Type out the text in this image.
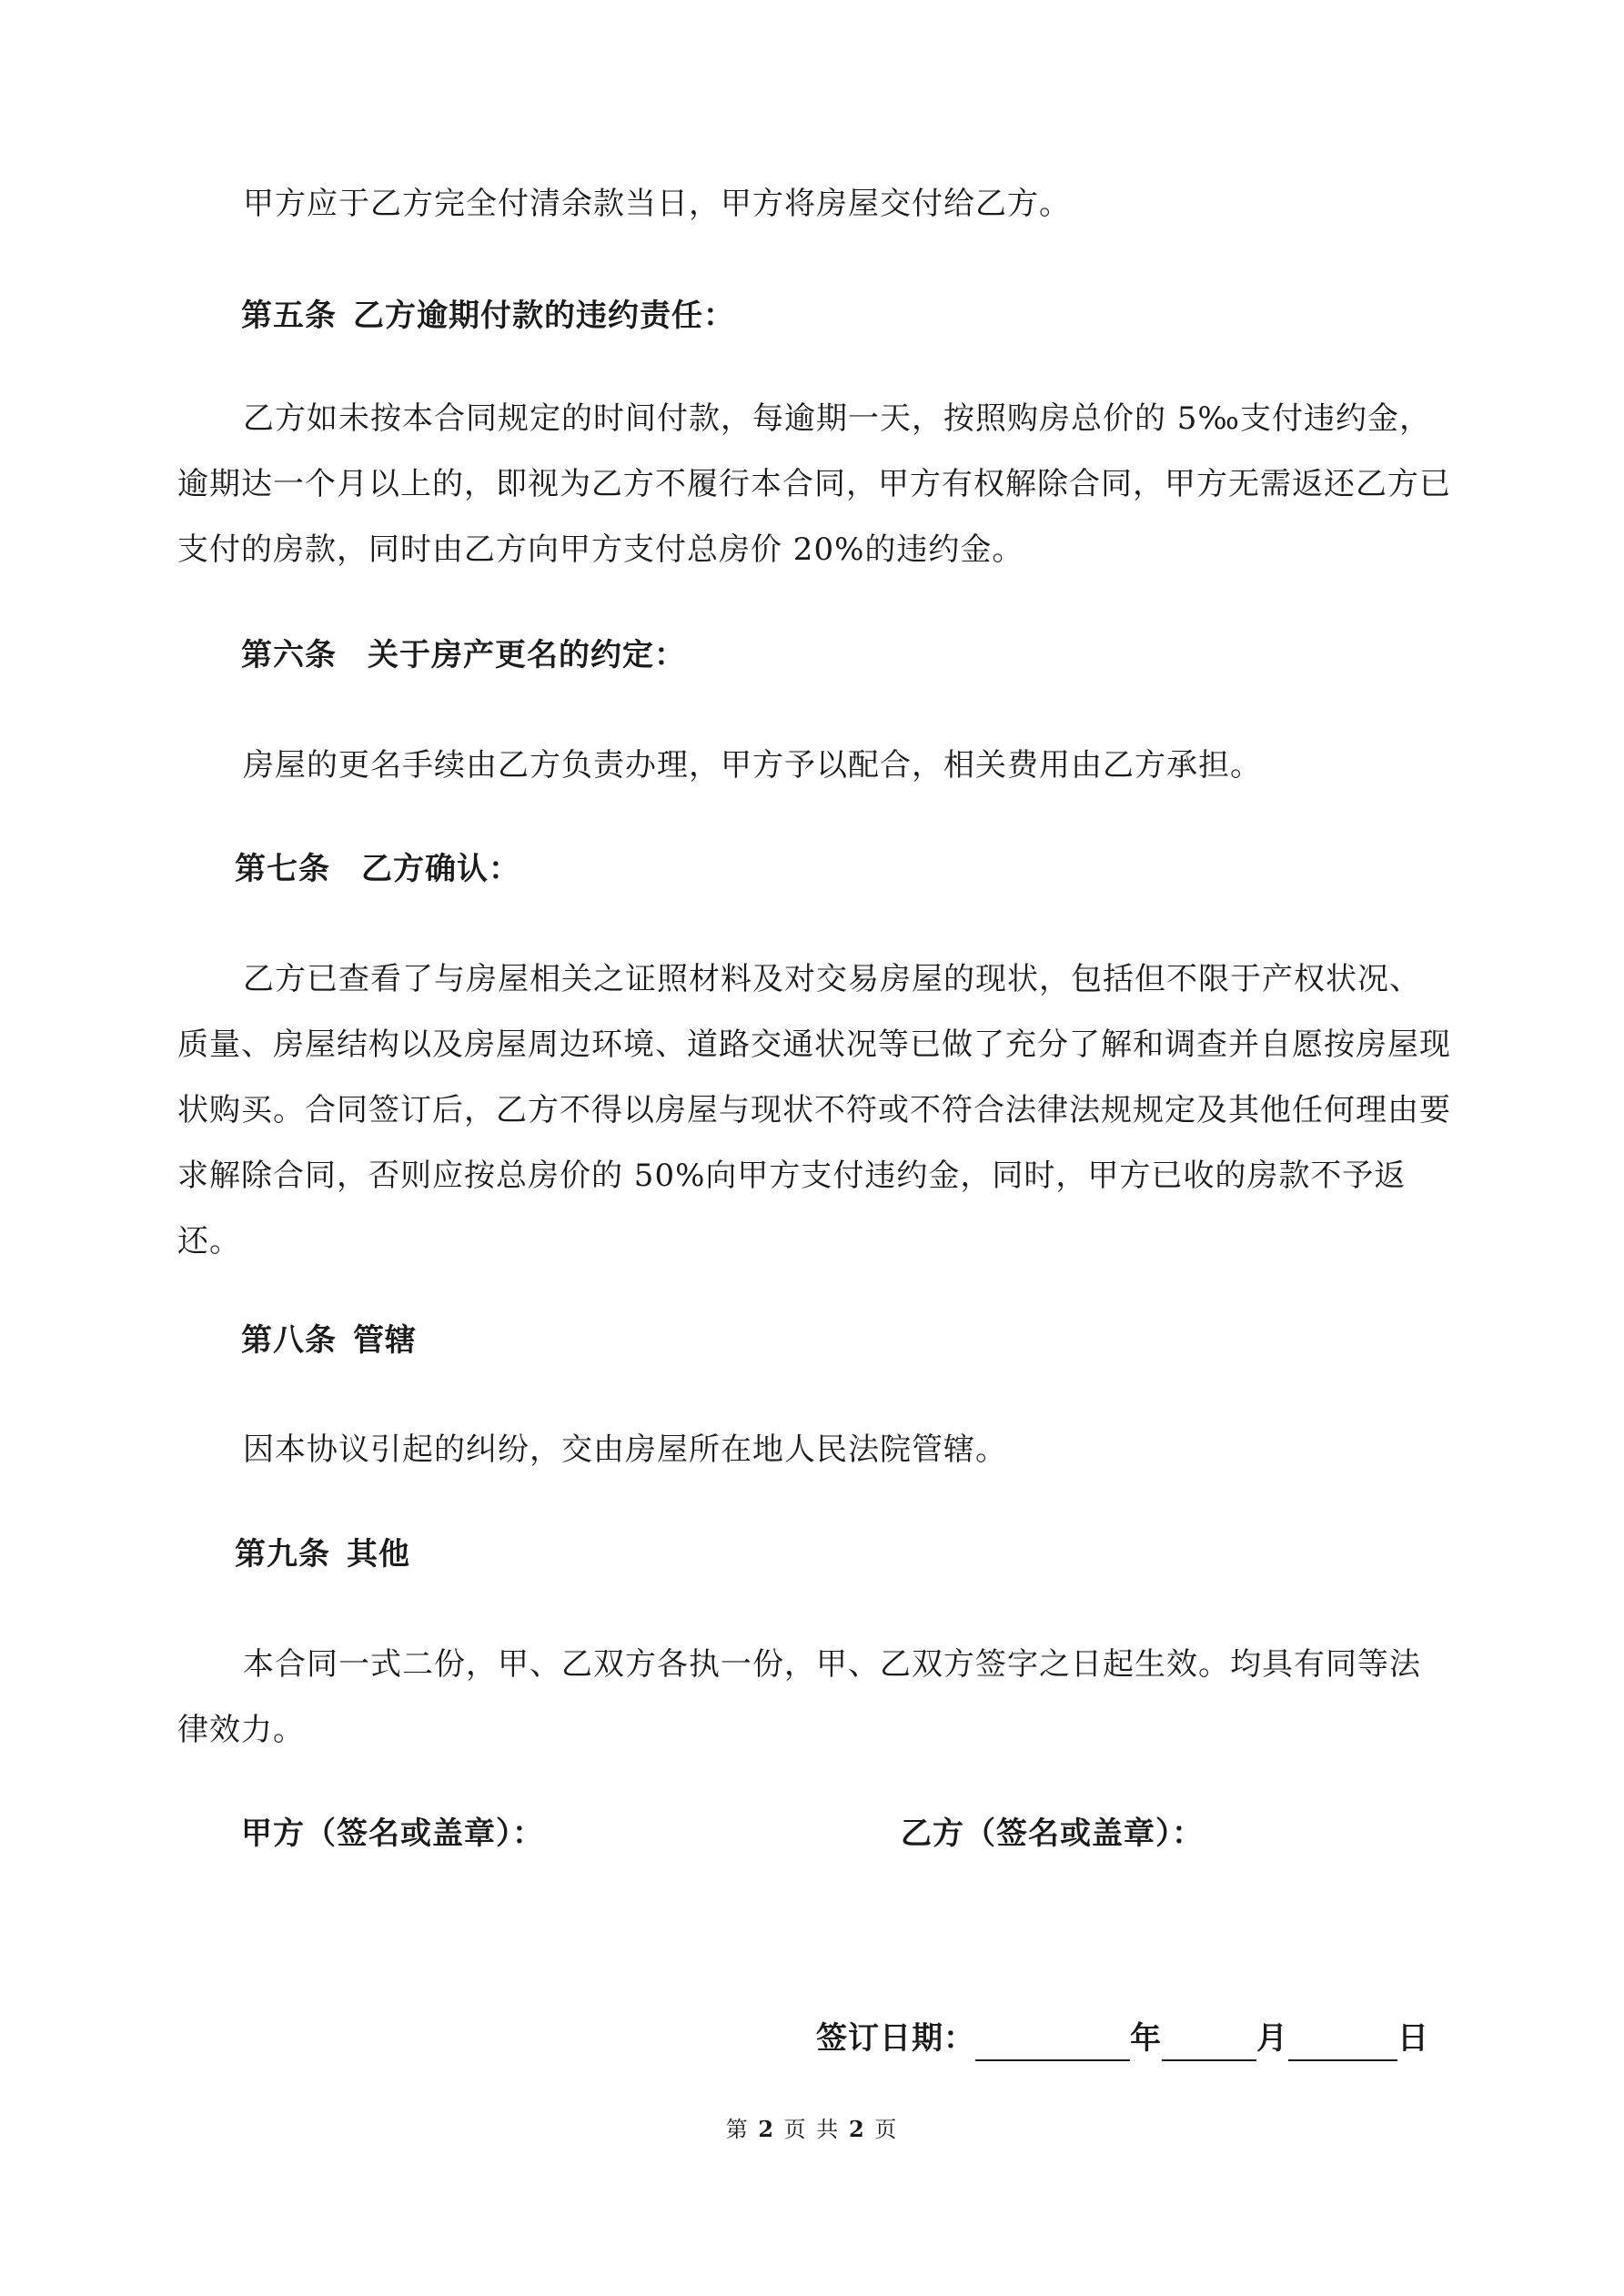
甲方应于乙方完全付清余款当日，甲方将房屋交付给乙方。

第五条 乙方逾期付款的违约责任：

乙方如未按本合同规定的时间付款，每逾期一天，按照购房总价的 5‰支付违约金，逾期达一个月以上的，即视为乙方不履行本合同，甲方有权解除合同，甲方无需返还乙方已支付的房款，同时由乙方向甲方支付总房价 20%的违约金。

第六条 关于房产更名的约定：

房屋的更名手续由乙方负责办理，甲方予以配合，相关费用由乙方承担。

第七条 乙方确认：

乙方已查看了与房屋相关之证照材料及对交易房屋的现状，包括但不限于产权状况、质量、房屋结构以及房屋周边环境、道路交通状况等已做了充分了解和调查并自愿按房屋现状购买。合同签订后，乙方不得以房屋与现状不符或不符合法律法规规定及其他任何理由要求解除合同，否则应按总房价的 50%向甲方支付违约金，同时，甲方已收的房款不予返还。

第八条 管辖

因本协议引起的纠纷，交由房屋所在地人民法院管辖。

第九条 其他

本合同一式二份，甲、乙双方各执一份，甲、乙双方签字之日起生效。均具有同等法律效力。

甲方（签名或盖章）：	乙方（签名或盖章）：
签订日期：	年	月	日
第 2 页 共 2 页
